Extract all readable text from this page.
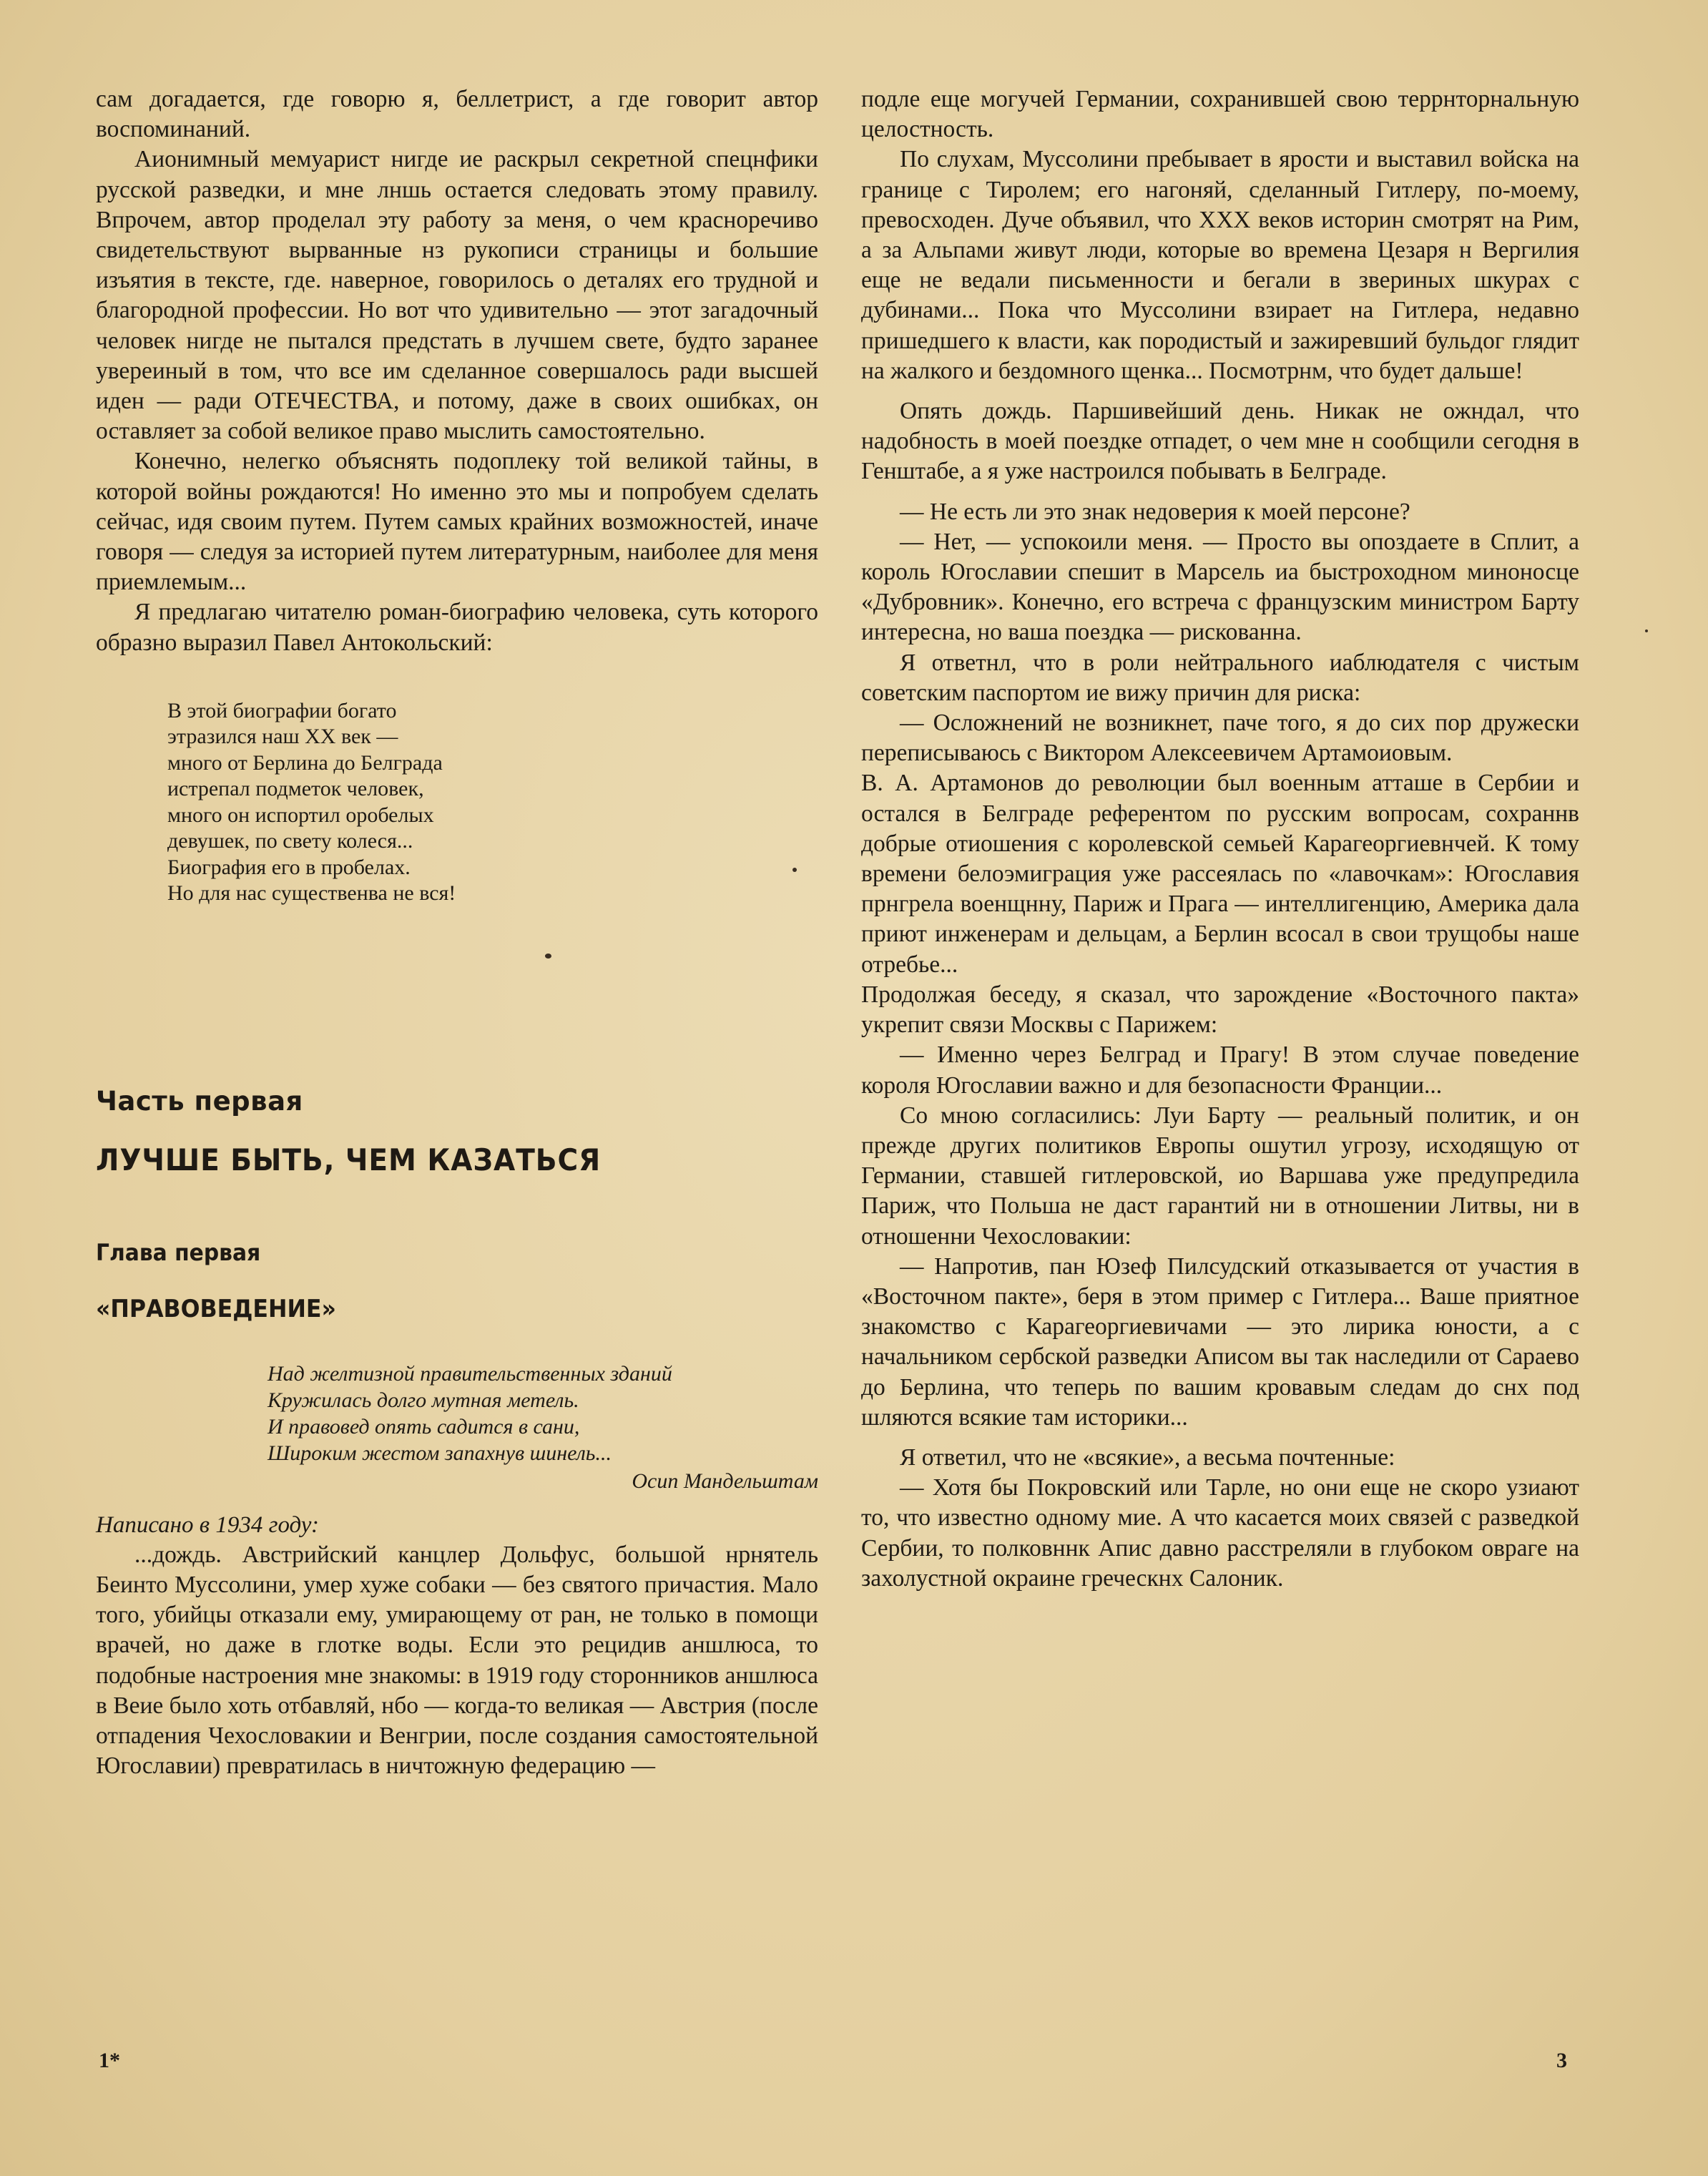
сам догадается, где говорю я, беллетрист, а где говорит автор воспоминаний.

Аионимный мемуарист нигде ие раскрыл секретной спецнфики русской разведки, и мне лншь остается следовать этому правилу. Впрочем, автор проделал эту работу за меня, о чем красноречиво свидетельствуют вырванные нз рукописи страницы и большие изъятия в тексте, где. наверное, говорилось о деталях его трудной и благородной профессии. Но вот что удивительно — этот загадочный человек нигде не пытался предстать в лучшем свете, будто заранее увереиный в том, что все им сделанное совершалось ради высшей иден — ради ОТЕЧЕСТВА, и потому, даже в своих ошибках, он оставляет за собой великое право мыслить самостоятельно.

Конечно, нелегко объяснять подоплеку той великой тайны, в которой войны рождаются! Но именно это мы и попробуем сделать сейчас, идя своим путем. Путем самых крайних возможностей, иначе говоря — следуя за историей путем литературным, наиболее для меня приемлемым...

Я предлагаю читателю роман-биографию человека, суть которого образно выразил Павел Антокольский:

В этой биографии богато
этразился наш XX век —
много от Берлина до Белграда
истрепал подметок человек,
много он испортил оробелых
девушек, по свету колеся...
Биография его в пробелах.
Но для нас существенва не вся!
Часть первая
ЛУЧШЕ БЫТЬ, ЧЕМ КАЗАТЬСЯ
Глава первая
«ПРАВОВЕДЕНИЕ»
Над желтизной правительственных зданий
Кружилась долго мутная метель.
И правовед опять садится в сани,
Широким жестом запахнув шинель...
Осип Мандельштам
Написано в 1934 году:

...дождь. Австрийский канцлер Дольфус, большой нрнятель Беинто Муссолини, умер хуже собаки — без святого причастия. Мало того, убийцы отказали ему, умирающему от ран, не только в помощи врачей, но даже в глотке воды. Если это рецидив аншлюса, то подобные настроения мне знакомы: в 1919 году сторонников аншлюса в Веие было хоть отбавляй, нбо — когда-то великая — Австрия (после отпадения Чехословакии и Венгрии, после создания самостоятельной Югославии) превратилась в ничтожную федерацию —

подле еще могучей Германии, сохранившей свою террнторнальную целостность.

По слухам, Муссолини пребывает в ярости и выставил войска на границе с Тиролем; его нагоняй, сделанный Гитлеру, по-моему, превосходен. Дуче объявил, что XXX веков историн смотрят на Рим, а за Альпами живут люди, которые во времена Цезаря н Вергилия еще не ведали письменности и бегали в звериных шкурах с дубинами... Пока что Муссолини взирает на Гитлера, недавно пришедшего к власти, как породистый и зажиревший бульдог глядит на жалкого и бездомного щенка... Посмотрнм, что будет дальше!

Опять дождь. Паршивейший день. Никак не ожндал, что надобность в моей поездке отпадет, о чем мне н сообщили сегодня в Генштабе, а я уже настроился побывать в Белграде.

— Не есть ли это знак недоверия к моей персоне?

— Нет, — успокоили меня. — Просто вы опоздаете в Сплит, а король Югославии спешит в Марсель иа быстроходном миноносце «Дубровник». Конечно, его встреча с французским министром Барту интересна, но ваша поездка — рискованна.

Я ответнл, что в роли нейтрального иаблюдателя с чистым советским паспортом ие вижу причин для риска:

— Осложнений не возникнет, паче того, я до сих пор дружески переписываюсь с Виктором Алексеевичем Артамоиовым.

В. А. Артамонов до революции был военным атташе в Сербии и остался в Белграде референтом по русским вопросам, сохраннв добрые отиошения с королевской семьей Карагеоргиевнчей. К тому времени белоэмиграция уже рассеялась по «лавочкам»: Югославия прнгрела военщнну, Париж и Прага — интеллигенцию, Америка дала приют инженерам и дельцам, а Берлин всосал в свои трущобы наше отребье...

Продолжая беседу, я сказал, что зарождение «Восточного пакта» укрепит связи Москвы с Парижем:

— Именно через Белград и Прагу! В этом случае поведение короля Югославии важно и для безопасности Франции...

Со мною согласились: Луи Барту — реальный политик, и он прежде других политиков Европы ошутил угрозу, исходящую от Германии, ставшей гитлеровской, ио Варшава уже предупредила Париж, что Польша не даст гарантий ни в отношении Литвы, ни в отношенни Чехословакии:

— Напротив, пан Юзеф Пилсудский отказывается от участия в «Восточном пакте», беря в этом пример с Гитлера... Ваше приятное знакомство с Карагеоргиевичами — это лирика юности, а с начальником сербской разведки Аписом вы так наследили от Сараево до Берлина, что теперь по вашим кровавым следам до снх под шляются всякие там историки...

Я ответил, что не «всякие», а весьма почтенные:

— Хотя бы Покровский или Тарле, но они еще не скоро узиают то, что известно одному мие. А что касается моих связей с разведкой Сербии, то полковннк Апис давно расстреляли в глубоком овраге на захолустной окраине греческнх Салоник.

1*	3
